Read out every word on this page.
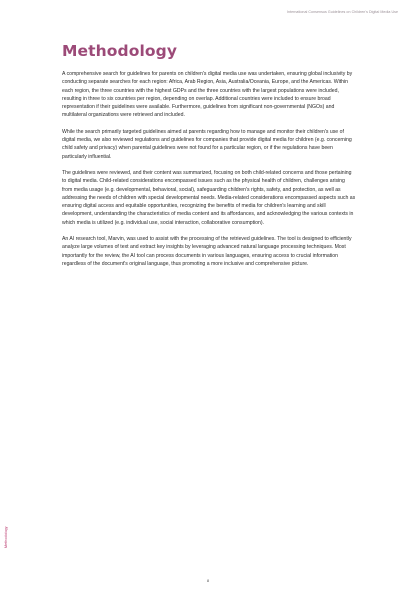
International Consensus Guidelines on Children's Digital Media Use
Methodology

A comprehensive search for guidelines for parents on children's digital media use was undertaken, ensuring global inclusivity by conducting separate searches for each region: Africa, Arab Region, Asia, Australia/Oceania, Europe, and the Americas. Within each region, the three countries with the highest GDPs and the three countries with the largest populations were included, resulting in three to six countries per region, depending on overlap. Additional countries were included to ensure broad representation if their guidelines were available. Furthermore, guidelines from significant non-governmental (NGOs) and multilateral organizations were retrieved and included.

While the search primarily targeted guidelines aimed at parents regarding how to manage and monitor their children's use of digital media, we also reviewed regulations and guidelines for companies that provide digital media for children (e.g. concerning child safety and privacy) when parental guidelines were not found for a particular region, or if the regulations have been particularly influential.

The guidelines were reviewed, and their content was summarized, focusing on both child-related concerns and those pertaining to digital media. Child-related considerations encompassed issues such as the physical health of children, challenges arising from media usage (e.g. developmental, behavioral, social), safeguarding children's rights, safety, and protection, as well as addressing the needs of children with special developmental needs. Media-related considerations encompassed aspects such as ensuring digital access and equitable opportunities, recognizing the benefits of media for children's learning and skill development, understanding the characteristics of media content and its affordances, and acknowledging the various contexts in which media is utilized (e.g. individual use, social interaction, collaborative consumption).

An AI research tool, Marvin, was used to assist with the processing of the retrieved guidelines. The tool is designed to efficiently analyze large volumes of text and extract key insights by leveraging advanced natural language processing techniques. Most importantly for the review, the AI tool can process documents in various languages, ensuring access to crucial information regardless of the document's original language, thus promoting a more inclusive and comprehensive picture.

Methodology
8
